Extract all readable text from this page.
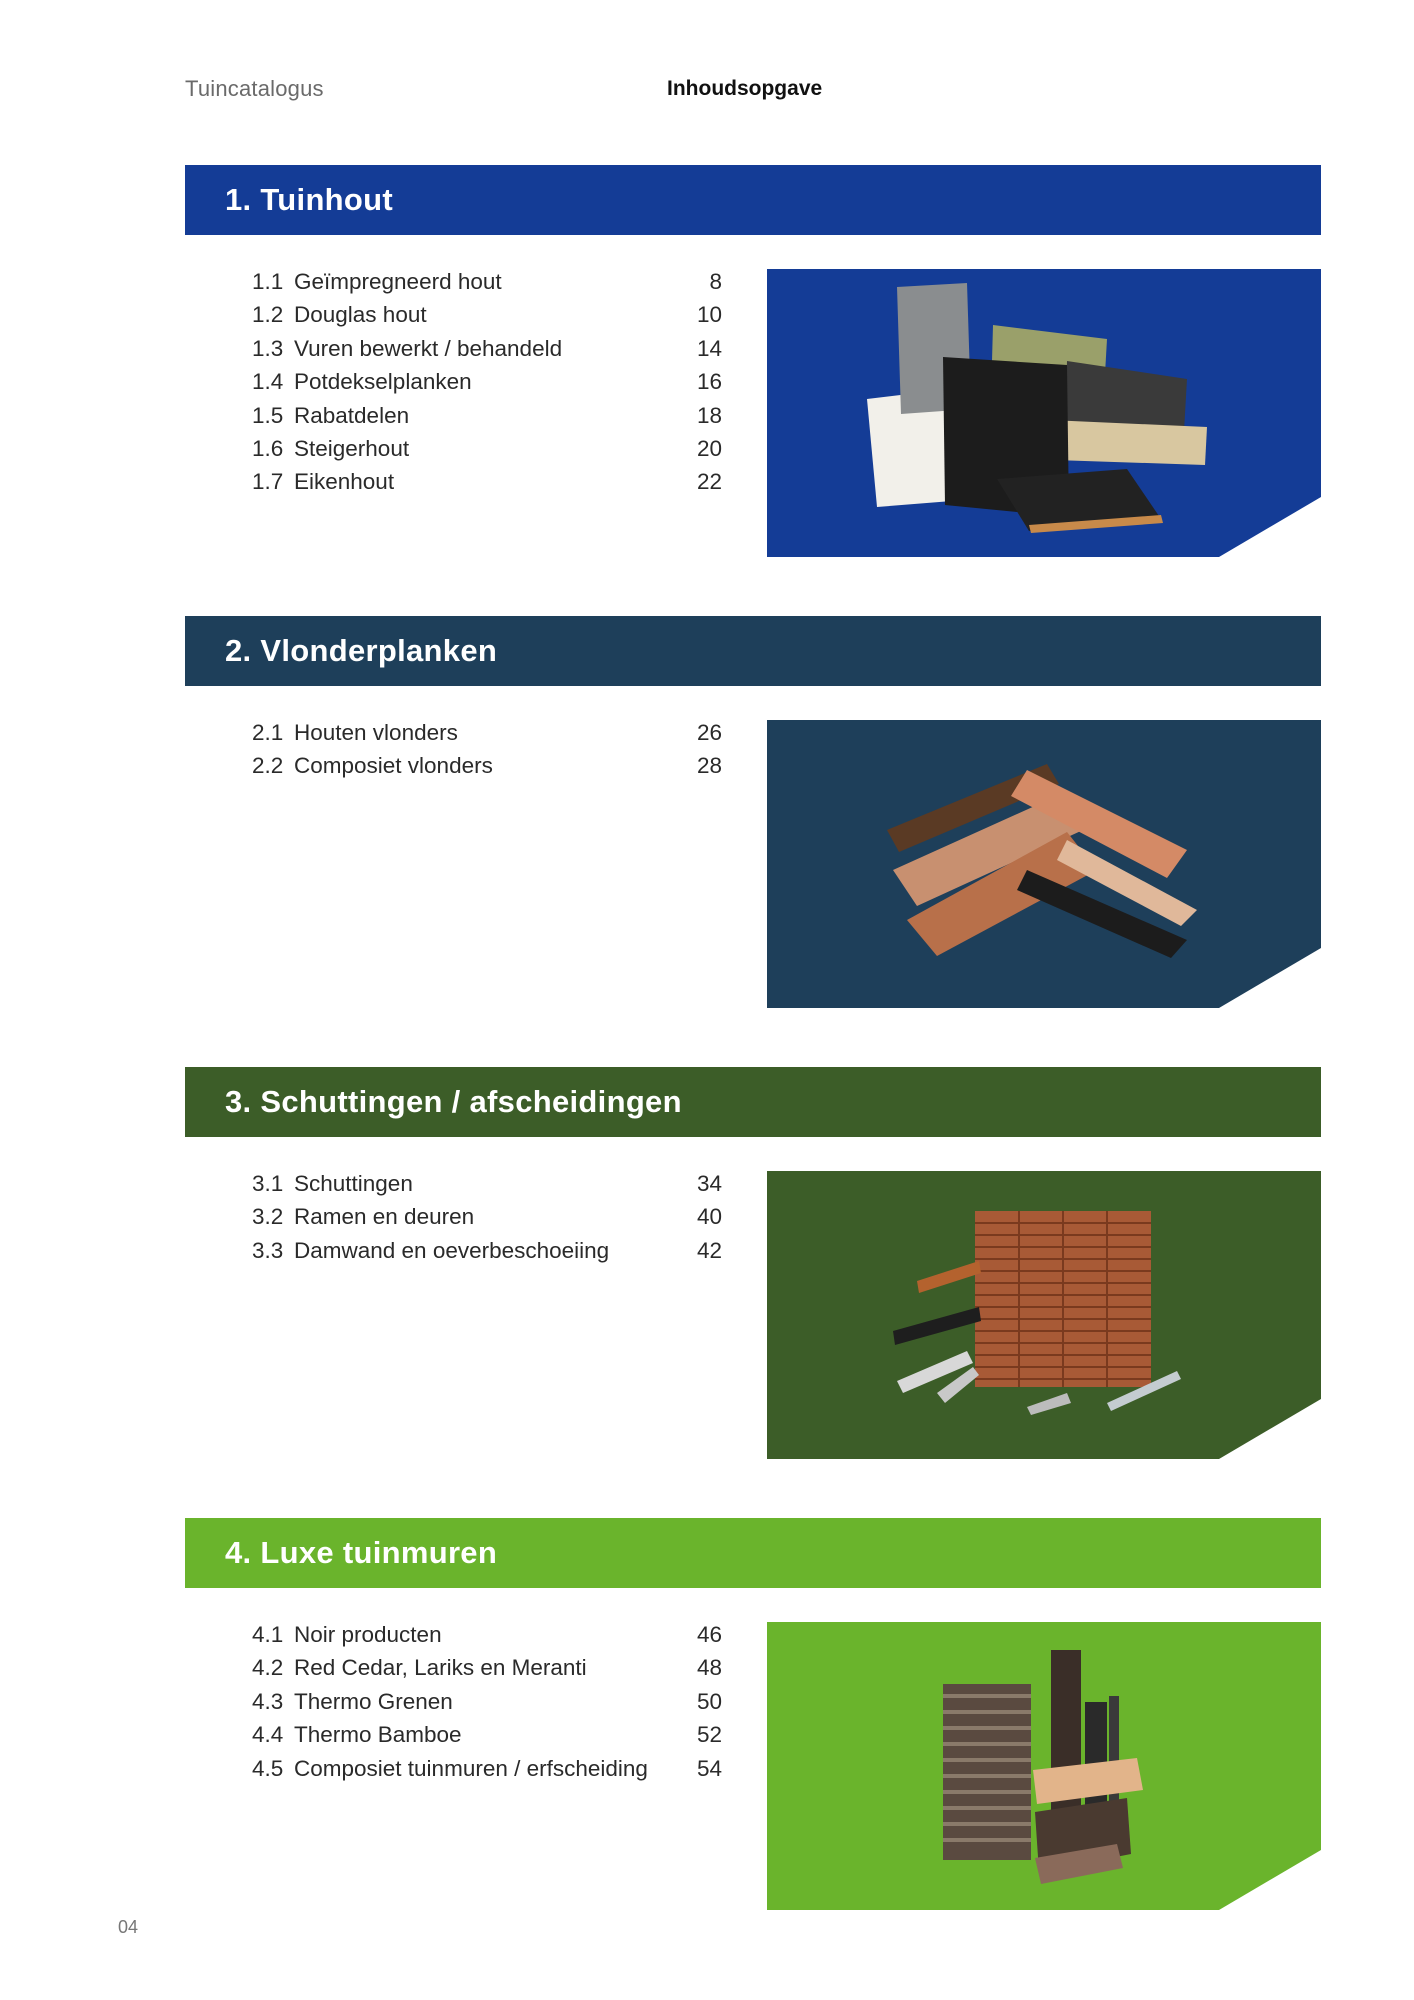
Tuincatalogus	Inhoudsopgave
1. Tuinhout
1.1 Geïmpregneerd hout	8
1.2 Douglas hout	10
1.3 Vuren bewerkt / behandeld	14
1.4 Potdekselplanken	16
1.5 Rabatdelen	18
1.6 Steigerhout	20
1.7 Eikenhout	22
2. Vlonderplanken
2.1 Houten vlonders	26
2.2 Composiet vlonders	28
3. Schuttingen / afscheidingen
3.1 Schuttingen	34
3.2 Ramen en deuren	40
3.3 Damwand en oeverbeschoeiing	42
4. Luxe tuinmuren
4.1 Noir producten	46
4.2 Red Cedar, Lariks en Meranti	48
4.3 Thermo Grenen	50
4.4 Thermo Bamboe	52
4.5 Composiet tuinmuren / erfscheiding	54
04
